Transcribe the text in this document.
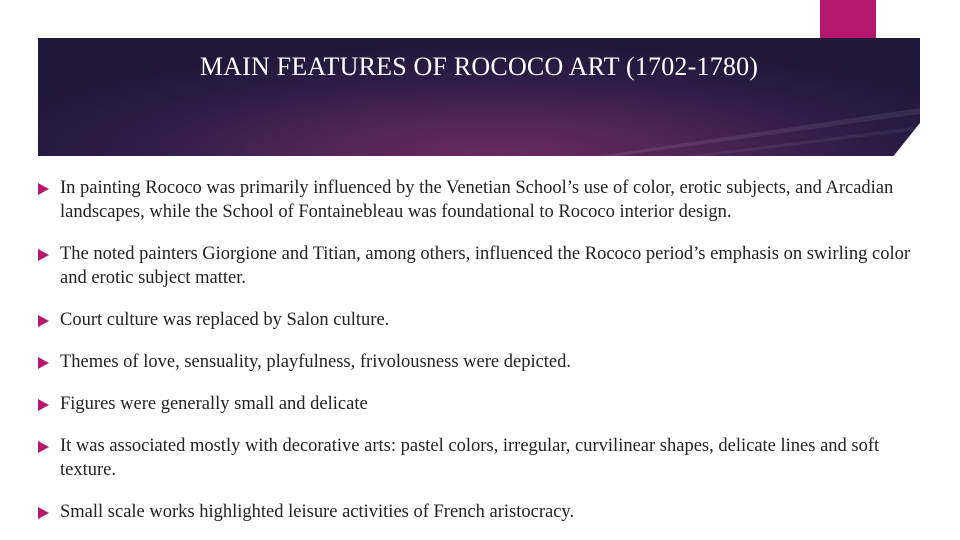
MAIN FEATURES OF ROCOCO ART (1702-1780)
In painting Rococo was primarily influenced by the Venetian School’s use of color, erotic subjects, and Arcadian landscapes, while the School of Fontainebleau was foundational to Rococo interior design.
The noted painters Giorgione and Titian, among others, influenced the Rococo period’s emphasis on swirling color and erotic subject matter.
Court culture was replaced by Salon culture.
Themes of love, sensuality, playfulness, frivolousness were depicted.
Figures were generally small and delicate
It was associated mostly with decorative arts: pastel colors, irregular, curvilinear shapes, delicate lines and soft texture.
Small scale works highlighted leisure activities of French aristocracy.
